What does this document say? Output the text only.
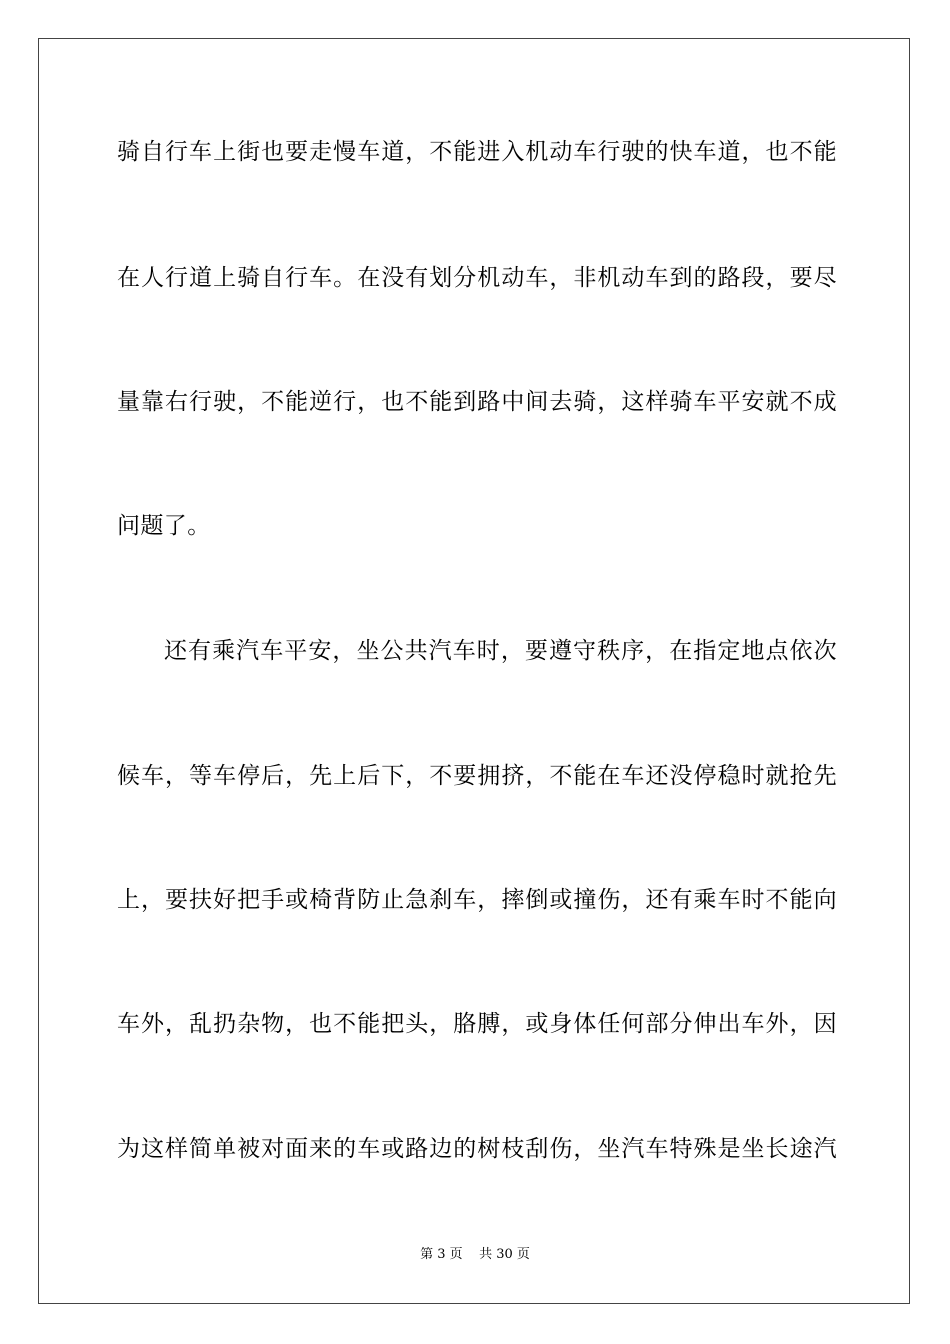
骑自行车上街也要走慢车道，不能进入机动车行驶的快车道，也不能
在人行道上骑自行车。在没有划分机动车，非机动车到的路段，要尽
量靠右行驶，不能逆行，也不能到路中间去骑，这样骑车平安就不成
问题了。
还有乘汽车平安，坐公共汽车时，要遵守秩序，在指定地点依次
候车，等车停后，先上后下，不要拥挤，不能在车还没停稳时就抢先
上，要扶好把手或椅背防止急刹车，摔倒或撞伤，还有乘车时不能向
车外，乱扔杂物，也不能把头，胳膊，或身体任何部分伸出车外，因
为这样简单被对面来的车或路边的树枝刮伤，坐汽车特殊是坐长途汽
第 3 页    共 30 页
